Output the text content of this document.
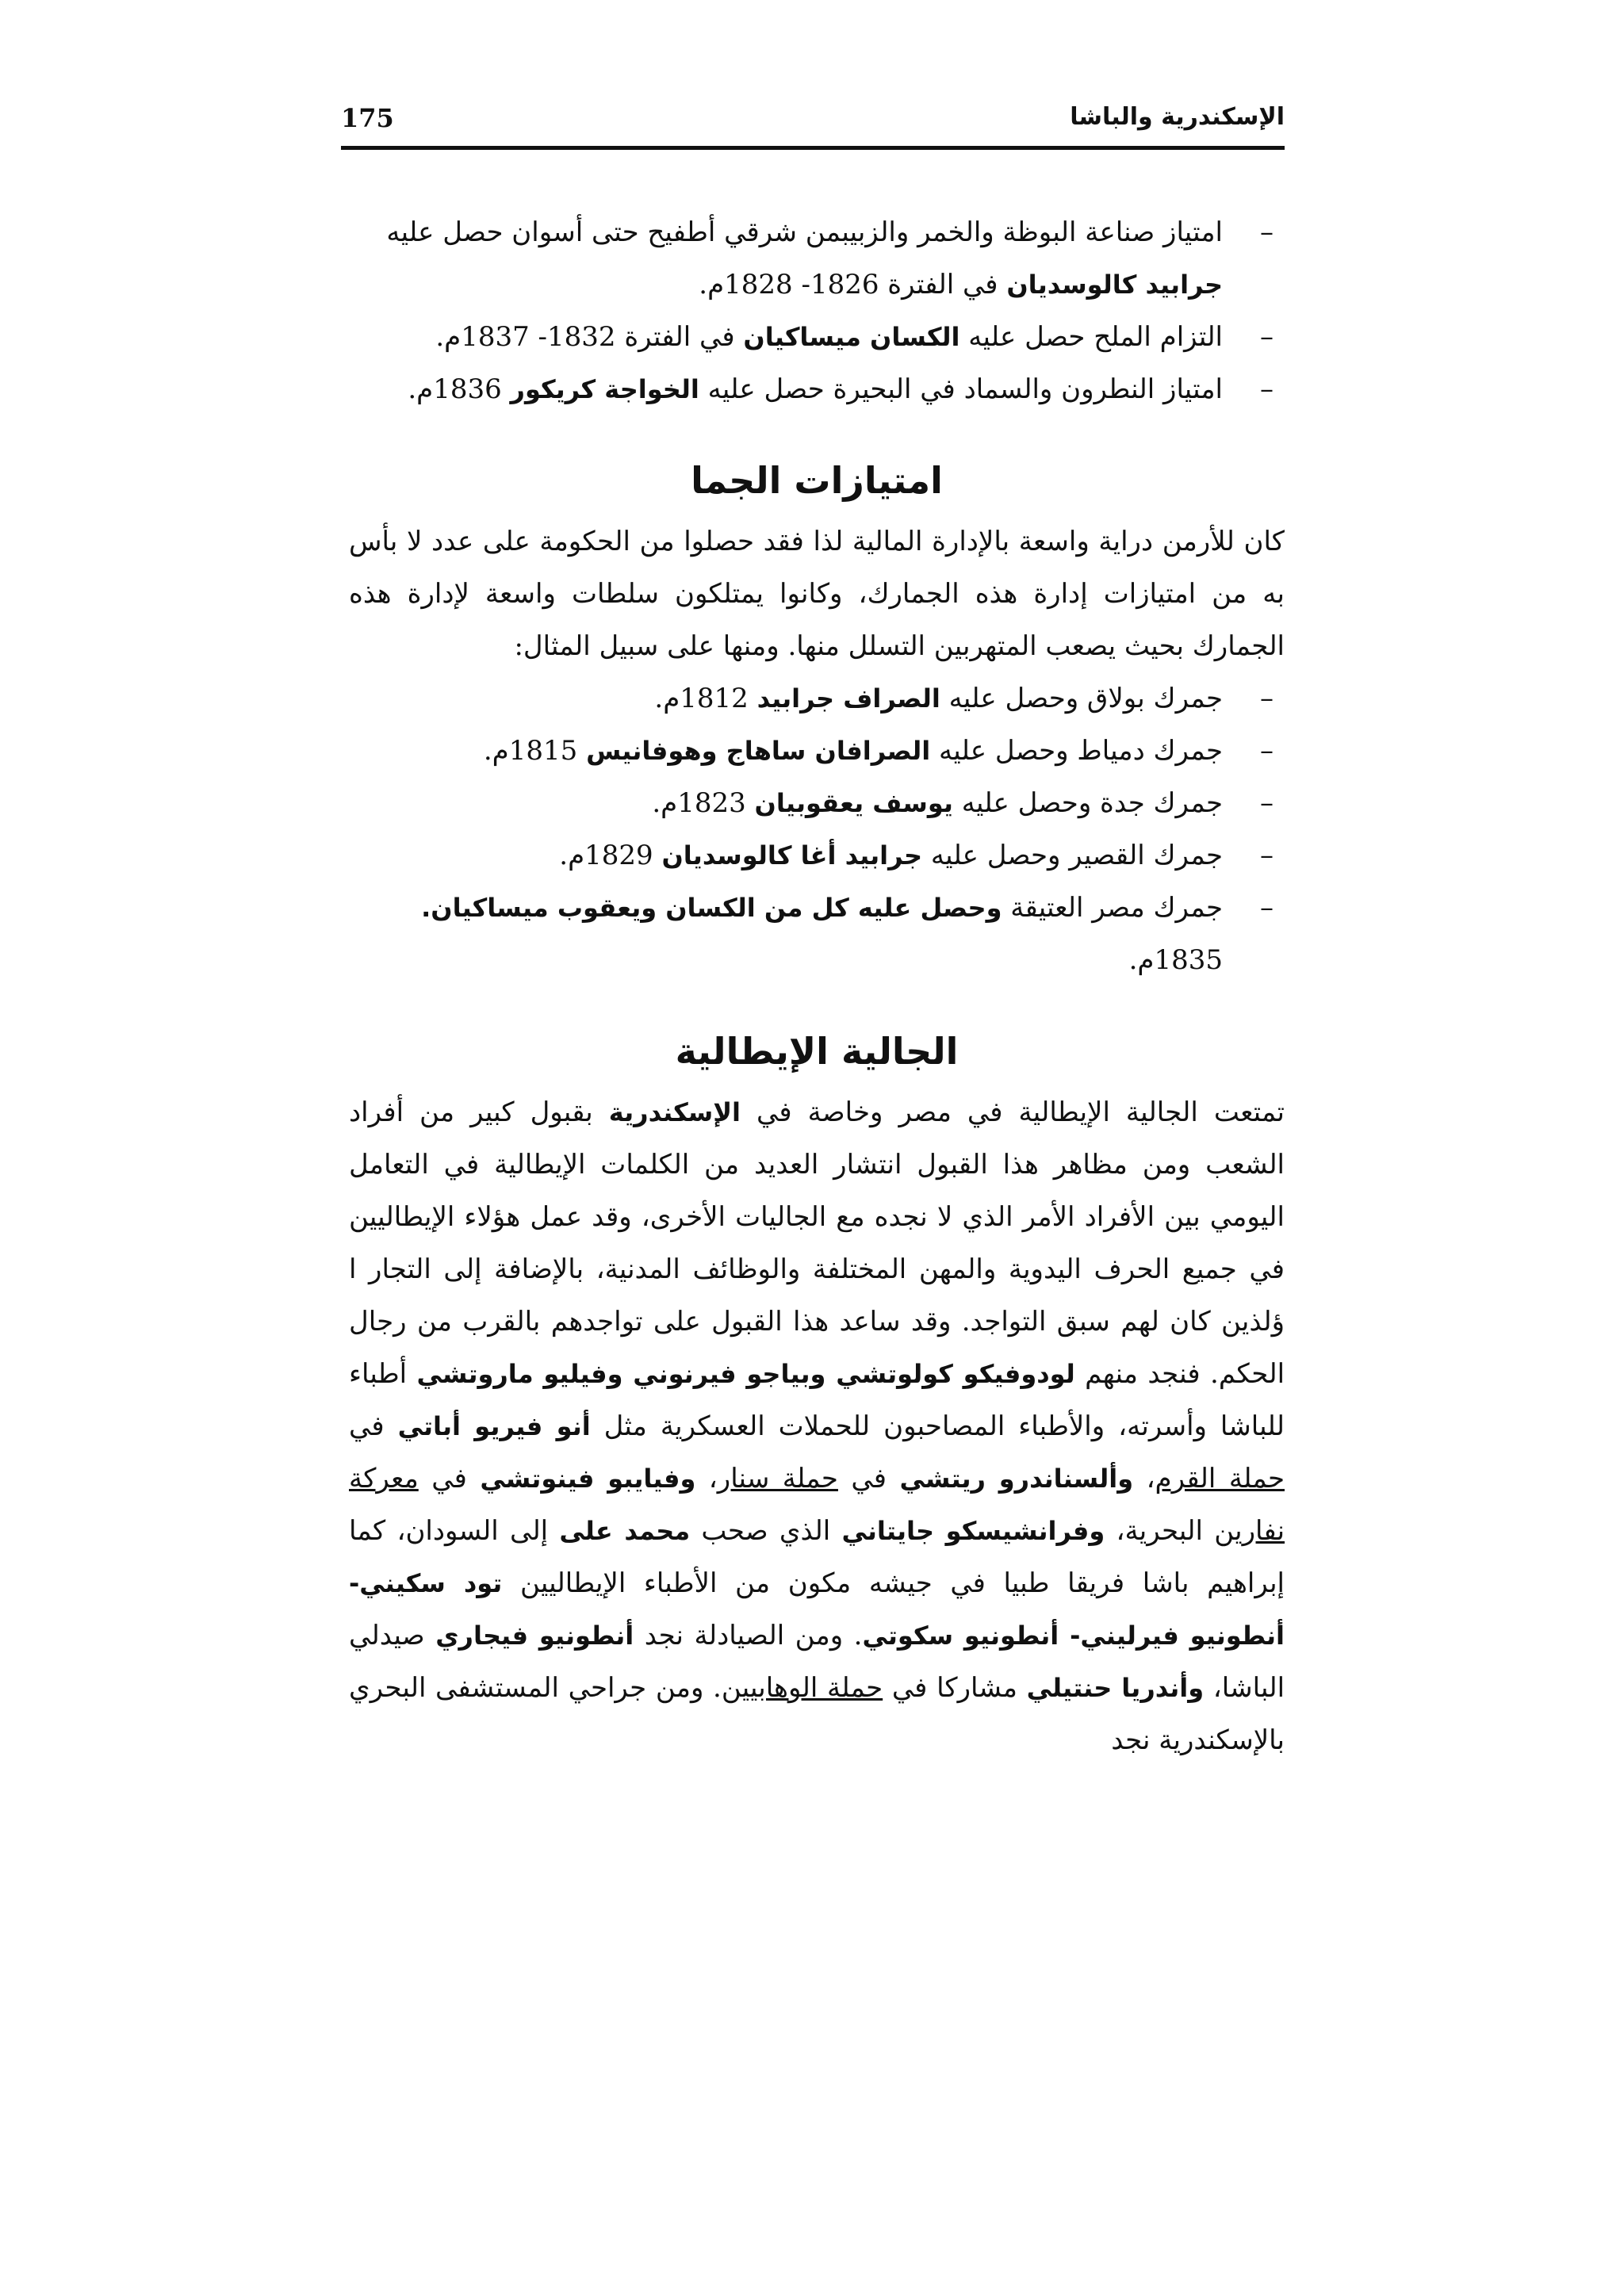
الإسكندرية والباشا
175
–
امتياز صناعة البوظة والخمر والزبيبمن شرقي أطفيح حتى أسوان حصل عليه جرابيد كالوسديان في الفترة 1826- 1828م.
–
التزام الملح حصل عليه الكسان ميساكيان في الفترة 1832- 1837م.
–
امتياز النطرون والسماد في البحيرة حصل عليه الخواجة كريكور 1836م.
امتيازات الجما

كان للأرمن دراية واسعة بالإدارة المالية لذا فقد حصلوا من الحكومة على عدد لا بأس به من امتيازات إدارة هذه الجمارك، وكانوا يمتلكون سلطات واسعة لإدارة هذه الجمارك بحيث يصعب المتهربين التسلل منها. ومنها على سبيل المثال:

–
جمرك بولاق وحصل عليه الصراف جرابيد 1812م.
–
جمرك دمياط وحصل عليه الصرافان ساهاج وهوفانيس 1815م.
–
جمرك جدة وحصل عليه يوسف يعقوبيان 1823م.
–
جمرك القصير وحصل عليه جرابيد أغا كالوسديان 1829م.
–
جمرك مصر العتيقة وحصل عليه كل من الكسان ويعقوب ميساكيان. 1835م.
الجالية الإيطالية

تمتعت الجالية الإيطالية في مصر وخاصة في الإسكندرية بقبول كبير من أفراد الشعب ومن مظاهر هذا القبول انتشار العديد من الكلمات الإيطالية في التعامل اليومي بين الأفراد الأمر الذي لا نجده مع الجاليات الأخرى، وقد عمل هؤلاء الإيطاليين في جميع الحرف اليدوية والمهن المختلفة والوظائف المدنية، بالإضافة إلى التجار ا ؤلذين كان لهم سبق التواجد. وقد ساعد هذا القبول على تواجدهم بالقرب من رجال الحكم. فنجد منهم لودوفيكو كولوتشي وبياجو فيرنوني وفيليو ماروتشي أطباء للباشا وأسرته، والأطباء المصاحبون للحملات العسكرية مثل أنو فيريو أباتي في حملة القرم، وألسناندرو ريتشي في حملة سنار، وفيايبو فينوتشي في معركة نفارين البحرية، وفرانشيسكو جايتاني الذي صحب محمد على إلى السودان، كما إبراهيم باشا فريقا طبيا في جيشه مكون من الأطباء الإيطاليين تود سكيني- أنطونيو فيرليني- أنطونيو سكوتي. ومن الصيادلة نجد أنطونيو فيجاري صيدلي الباشا، وأندريا حنتيلي مشاركا في حملة الوهابيين. ومن جراحي المستشفى البحري بالإسكندرية نجد
